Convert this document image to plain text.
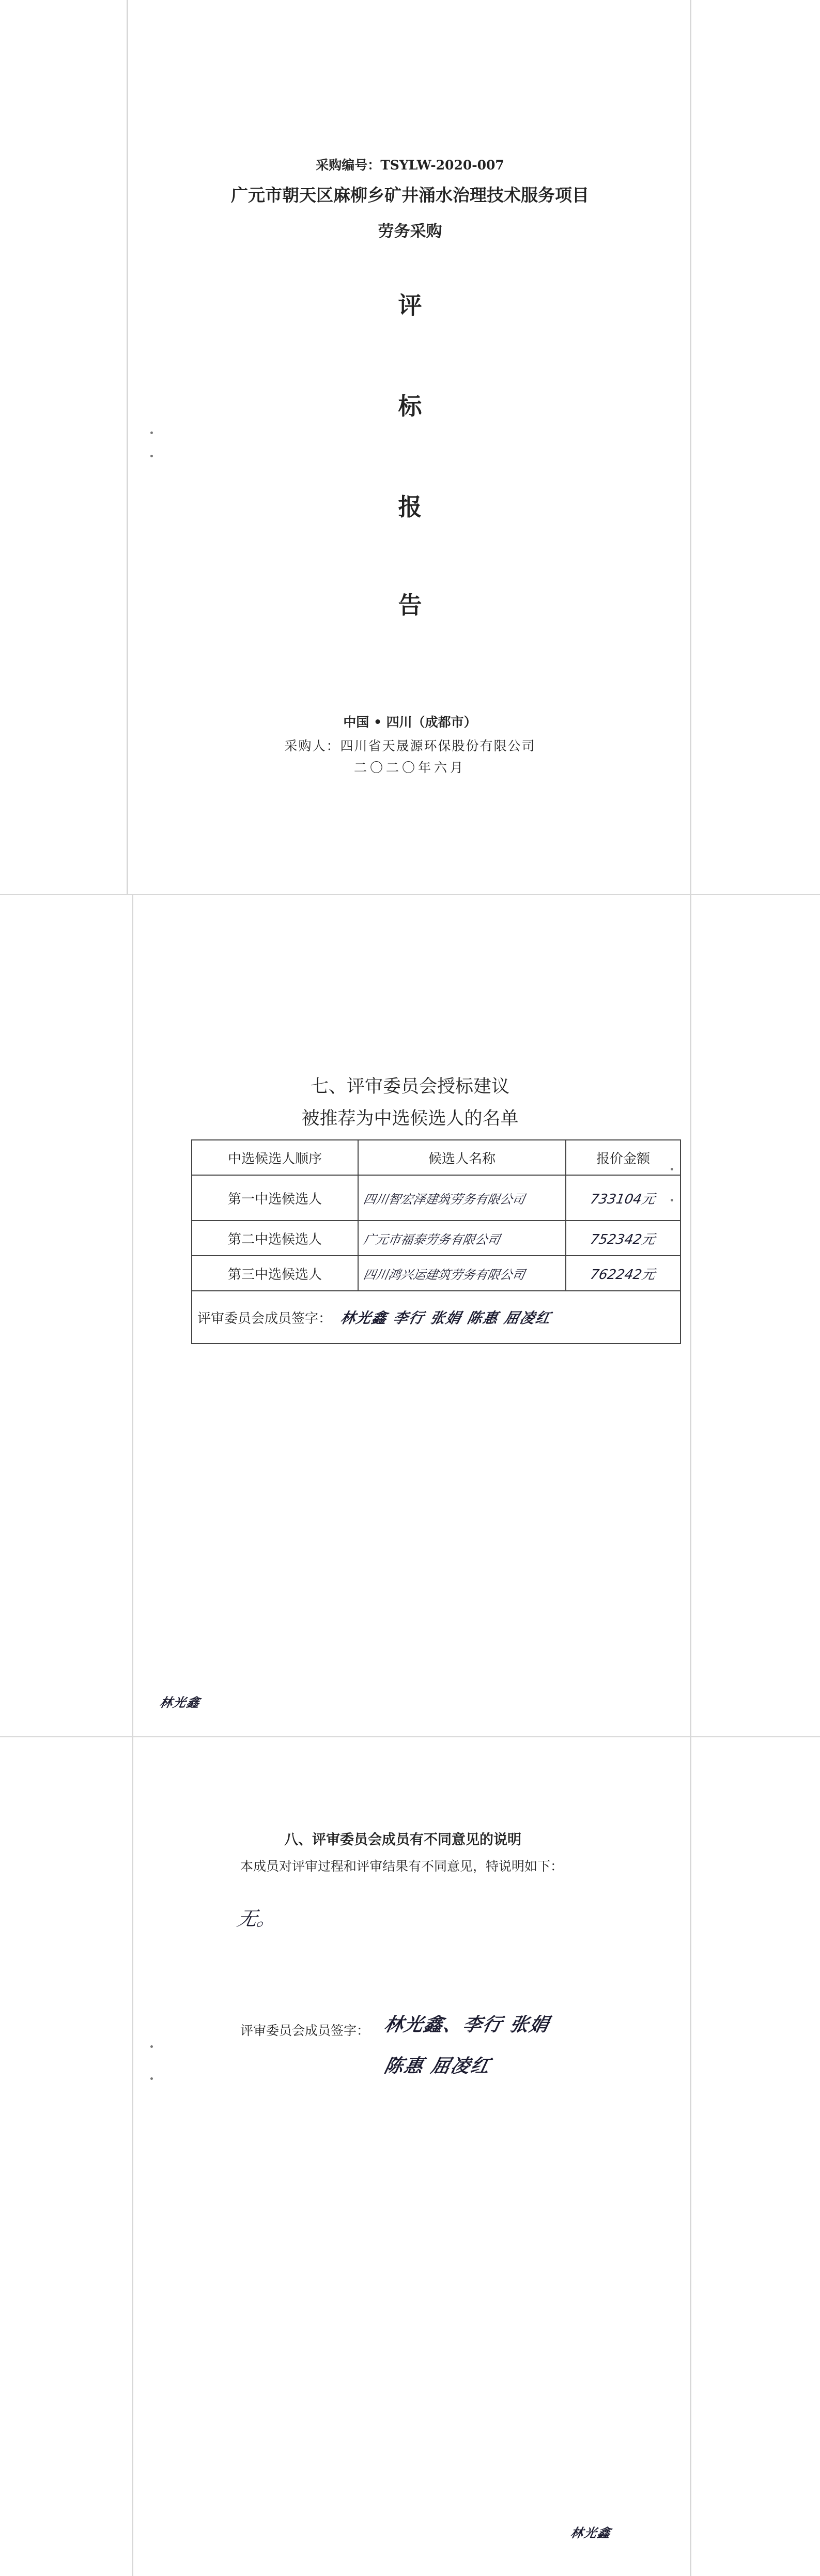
采购编号：TSYLW-2020-007
广元市朝天区麻柳乡矿井涌水治理技术服务项目
劳务采购
评
标
报
告
中国 • 四川（成都市）
采购人：四川省天晟源环保股份有限公司
二〇二〇年六月
七、评审委员会授标建议
被推荐为中选候选人的名单
中选候选人顺序	候选人名称	报价金额
第一中选候选人	四川智宏泽建筑劳务有限公司	733104元
第二中选候选人	广元市福泰劳务有限公司	752342元
第三中选候选人	四川鸿兴运建筑劳务有限公司	762242元
评审委员会成员签字： 林光鑫 李行 张娟 陈惠 屈凌红		
林光鑫
八、评审委员会成员有不同意见的说明
本成员对评审过程和评审结果有不同意见，特说明如下：
无。
评审委员会成员签字： 林光鑫、李行 张娟
陈惠 屈凌红
林光鑫
